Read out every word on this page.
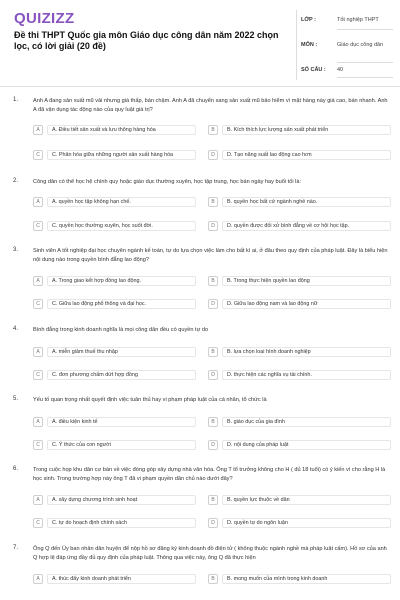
QUIZIZZ
Đề thi THPT Quốc gia môn Giáo dục công dân năm 2022 chọn lọc, có lời giải (20 đề)
LỚP :	Tốt nghiệp THPT
MÔN :	Giáo dục công dân
SỐ CÂU :	40
1.	Anh A đang sản xuất mũ vải nhưng giá thấp, bán chậm. Anh A đã chuyển sang sản xuất mũ bảo hiểm vì mặt hàng này giá cao, bán nhanh. Anh A đã vận dụng tác động nào của quy luật giá trị?
A	A. Điều tiết sản xuất và lưu thông hàng hóa	B	B. Kích thích lực lượng sản xuất phát triển
C	C. Phân hóa giữa những người sản xuất hàng hóa	D	D. Tạo năng suất lao động cao hơn
2.	Công dân có thể học hệ chính quy hoặc giáo dục thường xuyên, học tập trung, học bán ngày hay buổi tối là:
A	A. quyền học tập không hạn chế.	B	B. quyền học bất cứ ngành nghề nào.
C	C. quyền học thường xuyên, học suốt đời.	D	D. quyền được đối xử bình đẳng về cơ hội học tập.
3.	Sinh viên A tốt nghiệp đại học chuyên ngành kế toán, tự do lựa chọn việc làm cho bất kì ai, ở đâu theo quy định của pháp luật. Đây là biểu hiện nội dung nào trong quyền bình đẳng lao động?
A	A. Trong giao kết hợp đồng lao động.	B	B. Trong thực hiện quyền lao động
C	C. Giữa lao động phổ thông và đại học.	D	D. Giữa lao động nam và lao động nữ
4.	Bình đẳng trong kinh doanh nghĩa là mọi công dân đều có quyền tự do
A	A. miễn giảm thuế thu nhập	B	B. lựa chọn loại hình doanh nghiệp
C	C. đơn phương chấm dứt hợp đồng	D	D. thực hiện các nghĩa vụ tài chính.
5.	Yếu tố quan trọng nhất quyết định việc tuân thủ hay vi phạm pháp luật của cá nhân, tổ chức là
A	A. điều kiện kinh tế	B	B. giáo dục của gia đình
C	C. Ý thức của con người	D	D. nội dung của pháp luật
6.	Trong cuộc họp khu dân cư bàn về việc đóng góp xây dựng nhà văn hóa. Ông T tổ trưởng không cho H ( đủ 18 tuổi) có ý kiến vì cho rằng H là học sinh. Trong trường hợp này ông T đã vi phạm quyền dân chủ nào dưới đây?
A	A. xây dựng chương trình sinh hoạt	B	B. quyền lực thuộc về dân
C	C. tự do hoạch định chính sách	D	D. quyền tự do ngôn luận
7.	Ông Q đến Ủy ban nhân dân huyện để nộp hồ sơ đăng ký kinh doanh đồ điện tử ( không thuộc ngành nghề mà pháp luật cấm). Hồ sơ của anh Q hợp lệ đáp ứng đầy đủ quy định của pháp luật. Thông qua việc này, ông Q đã thực hiện
A	A. thúc đẩy kinh doanh phát triển	B	B. mong muốn của mình trong kinh doanh
